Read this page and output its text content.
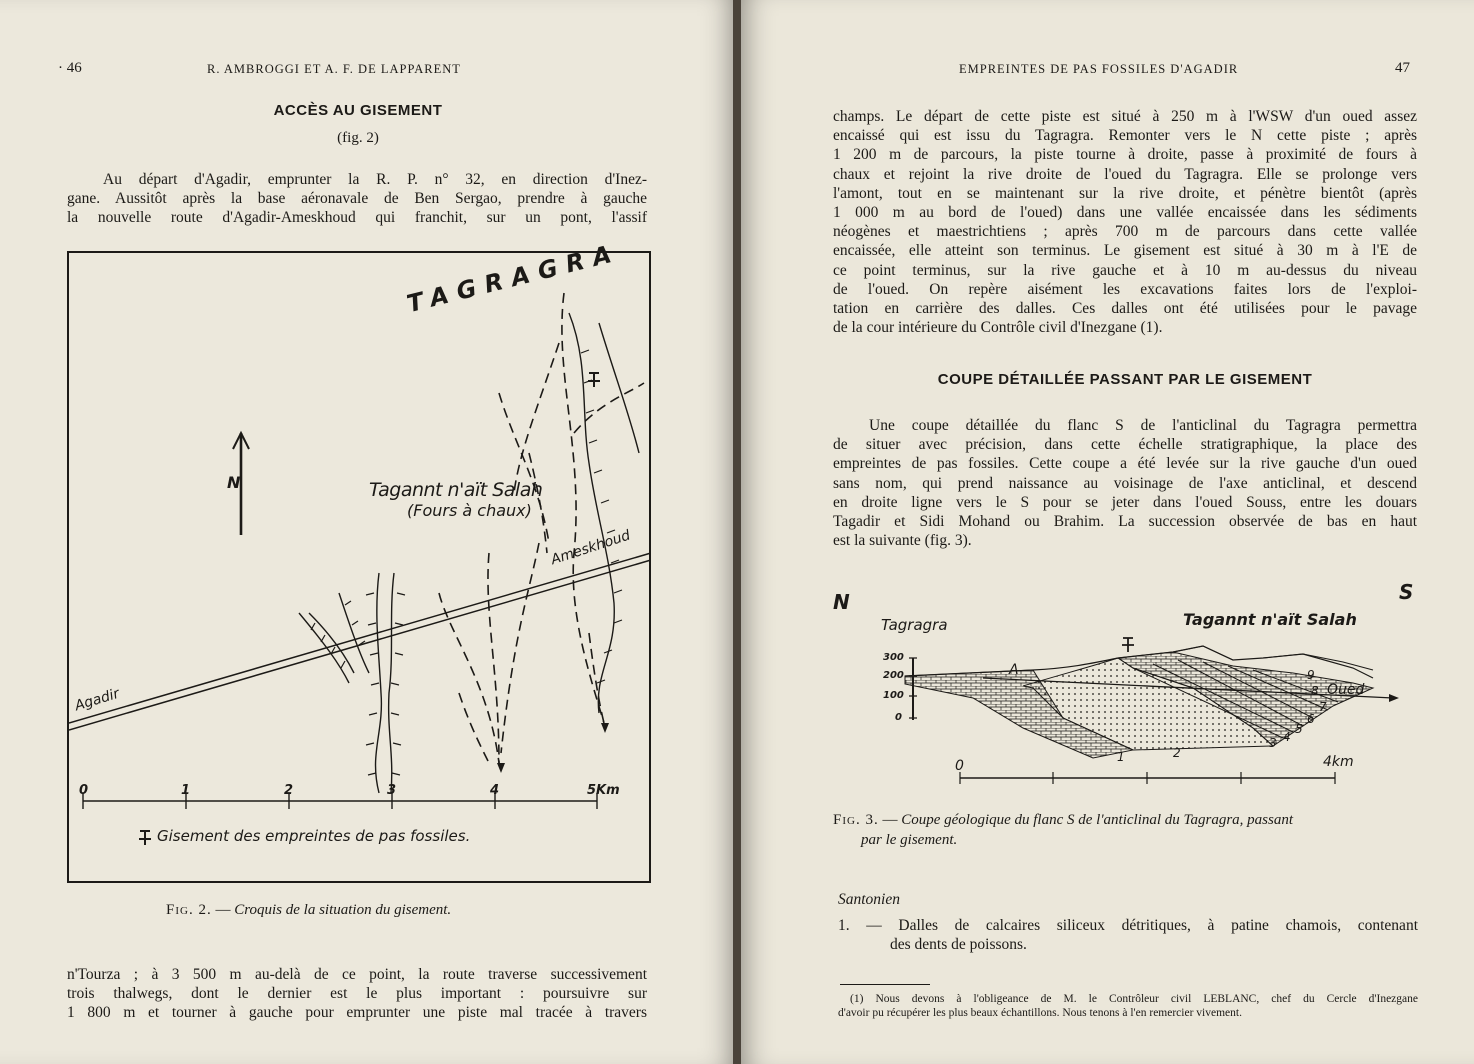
· 46	R. AMBROGGI ET A. F. DE LAPPARENT
ACCÈS AU GISEMENT
(fig. 2)
Au départ d'Agadir, emprunter la R. P. n° 32, en direction d'Inez-
gane. Aussitôt après la base aéronavale de Ben Sergao, prendre à gauche
la nouvelle route d'Agadir-Ameskhoud qui franchit, sur un pont, l'assif
TAGRAGRA
N	Tagannt n'aït Salah
(Fours à chaux)
Ameskhoud
Agadir
0	1	2	3	4	5Km
Gisement des empreintes de pas fossiles.
Fig. 2. — Croquis de la situation du gisement.
n'Tourza ; à 3 500 m au-delà de ce point, la route traverse successivement
trois thalwegs, dont le dernier est le plus important : poursuivre sur
1 800 m et tourner à gauche pour emprunter une piste mal tracée à travers
EMPREINTES DE PAS FOSSILES D'AGADIR	47
champs. Le départ de cette piste est situé à 250 m à l'WSW d'un oued assez
encaissé qui est issu du Tagragra. Remonter vers le N cette piste ; après
1 200 m de parcours, la piste tourne à droite, passe à proximité de fours à
chaux et rejoint la rive droite de l'oued du Tagragra. Elle se prolonge vers
l'amont, tout en se maintenant sur la rive droite, et pénètre bientôt (après
1 000 m au bord de l'oued) dans une vallée encaissée dans les sédiments
néogènes et maestrichtiens ; après 700 m de parcours dans cette vallée
encaissée, elle atteint son terminus. Le gisement est situé à 30 m à l'E de
ce point terminus, sur la rive gauche et à 10 m au-dessus du niveau
de l'oued. On repère aisément les excavations faites lors de l'exploi-
tation en carrière des dalles. Ces dalles ont été utilisées pour le pavage
de la cour intérieure du Contrôle civil d'Inezgane (1).
COUPE DÉTAILLÉE PASSANT PAR LE GISEMENT
Une coupe détaillée du flanc S de l'anticlinal du Tagragra permettra
de situer avec précision, dans cette échelle stratigraphique, la place des
empreintes de pas fossiles. Cette coupe a été levée sur la rive gauche d'un oued
sans nom, qui prend naissance au voisinage de l'axe anticlinal, et descend
en droite ligne vers le S pour se jeter dans l'oued Souss, entre les douars
Tagadir et Sidi Mohand ou Brahim. La succession observée de bas en haut
est la suivante (fig. 3).
N	S
Tagragra	Tagannt n'aït Salah
300
200
100
0
A
Oued
1	2
3 4
5
6
7
8
9
0	4km
Fig. 3. — Coupe géologique du flanc S de l'anticlinal du Tagragra, passant
par le gisement.
Santonien
1. — Dalles de calcaires siliceux détritiques, à patine chamois, contenant
des dents de poissons.
(1) Nous devons à l'obligeance de M. le Contrôleur civil LEBLANC, chef du Cercle d'Inezgane
d'avoir pu récupérer les plus beaux échantillons. Nous tenons à l'en remercier vivement.
